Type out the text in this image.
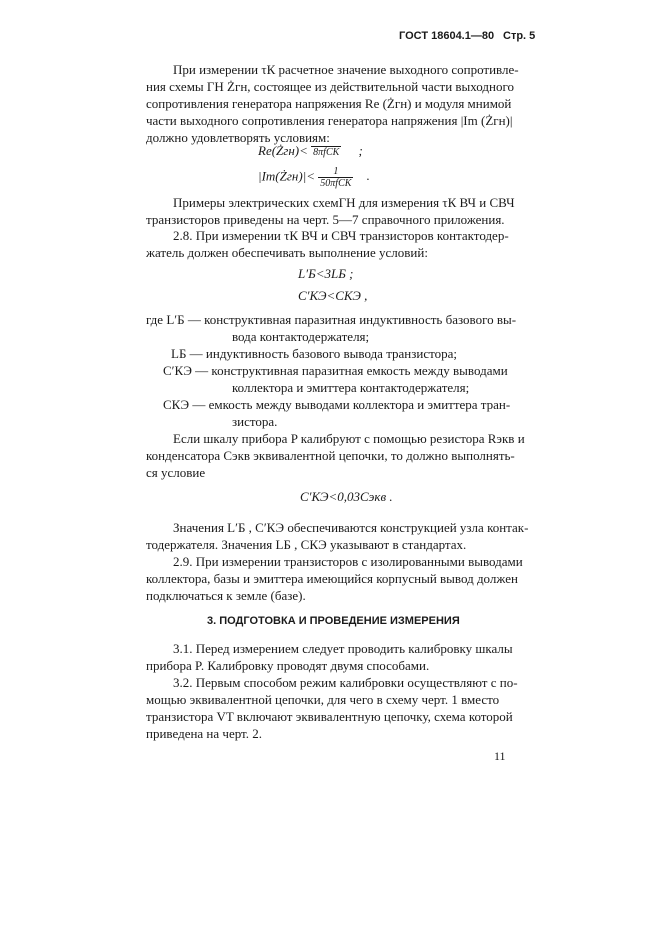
ГОСТ 18604.1—80 Стр. 5
При измерении τК расчетное значение выходного сопротивле-
ния схемы ГН Żгн, состоящее из действительной части выходного
сопротивления генератора напряжения Re (Żгн) и модуля мнимой
части выходного сопротивления генератора напряжения |Im (Żгн)|
должно удовлетворять условиям:
Re(Żгн)< 8πfCК ;
|Im(Żгн)|< $\frac{1}{\text{50πfCК}}$ .
Примеры электрических схемГН для измерения τК ВЧ и СВЧ
транзисторов приведены на черт. 5—7 справочного приложения.
2.8. При измерении τК ВЧ и СВЧ транзисторов контактодер-
жатель должен обеспечивать выполнение условий:
L′Б<3LБ ;
C′КЭ<CКЭ ,
где L′Б — конструктивная паразитная индуктивность базового вы-
вода контактодержателя;
LБ — индуктивность базового вывода транзистора;
C′КЭ — конструктивная паразитная емкость между выводами
коллектора и эмиттера контактодержателя;
CКЭ — емкость между выводами коллектора и эмиттера тран-
зистора.
Если шкалу прибора P калибруют с помощью резистора Rэкв и
конденсатора Cэкв эквивалентной цепочки, то должно выполнять-
ся условие
C′КЭ<0,03Cэкв .
Значения L′Б , C′КЭ обеспечиваются конструкцией узла контак-
тодержателя. Значения LБ , CКЭ указывают в стандартах.
2.9. При измерении транзисторов с изолированными выводами
коллектора, базы и эмиттера имеющийся корпусный вывод должен
подключаться к земле (базе).
3. ПОДГОТОВКА И ПРОВЕДЕНИЕ ИЗМЕРЕНИЯ
3.1. Перед измерением следует проводить калибровку шкалы
прибора P. Калибровку проводят двумя способами.
3.2. Первым способом режим калибровки осуществляют с по-
мощью эквивалентной цепочки, для чего в схему черт. 1 вместо
транзистора VT включают эквивалентную цепочку, схема которой
приведена на черт. 2.
11
